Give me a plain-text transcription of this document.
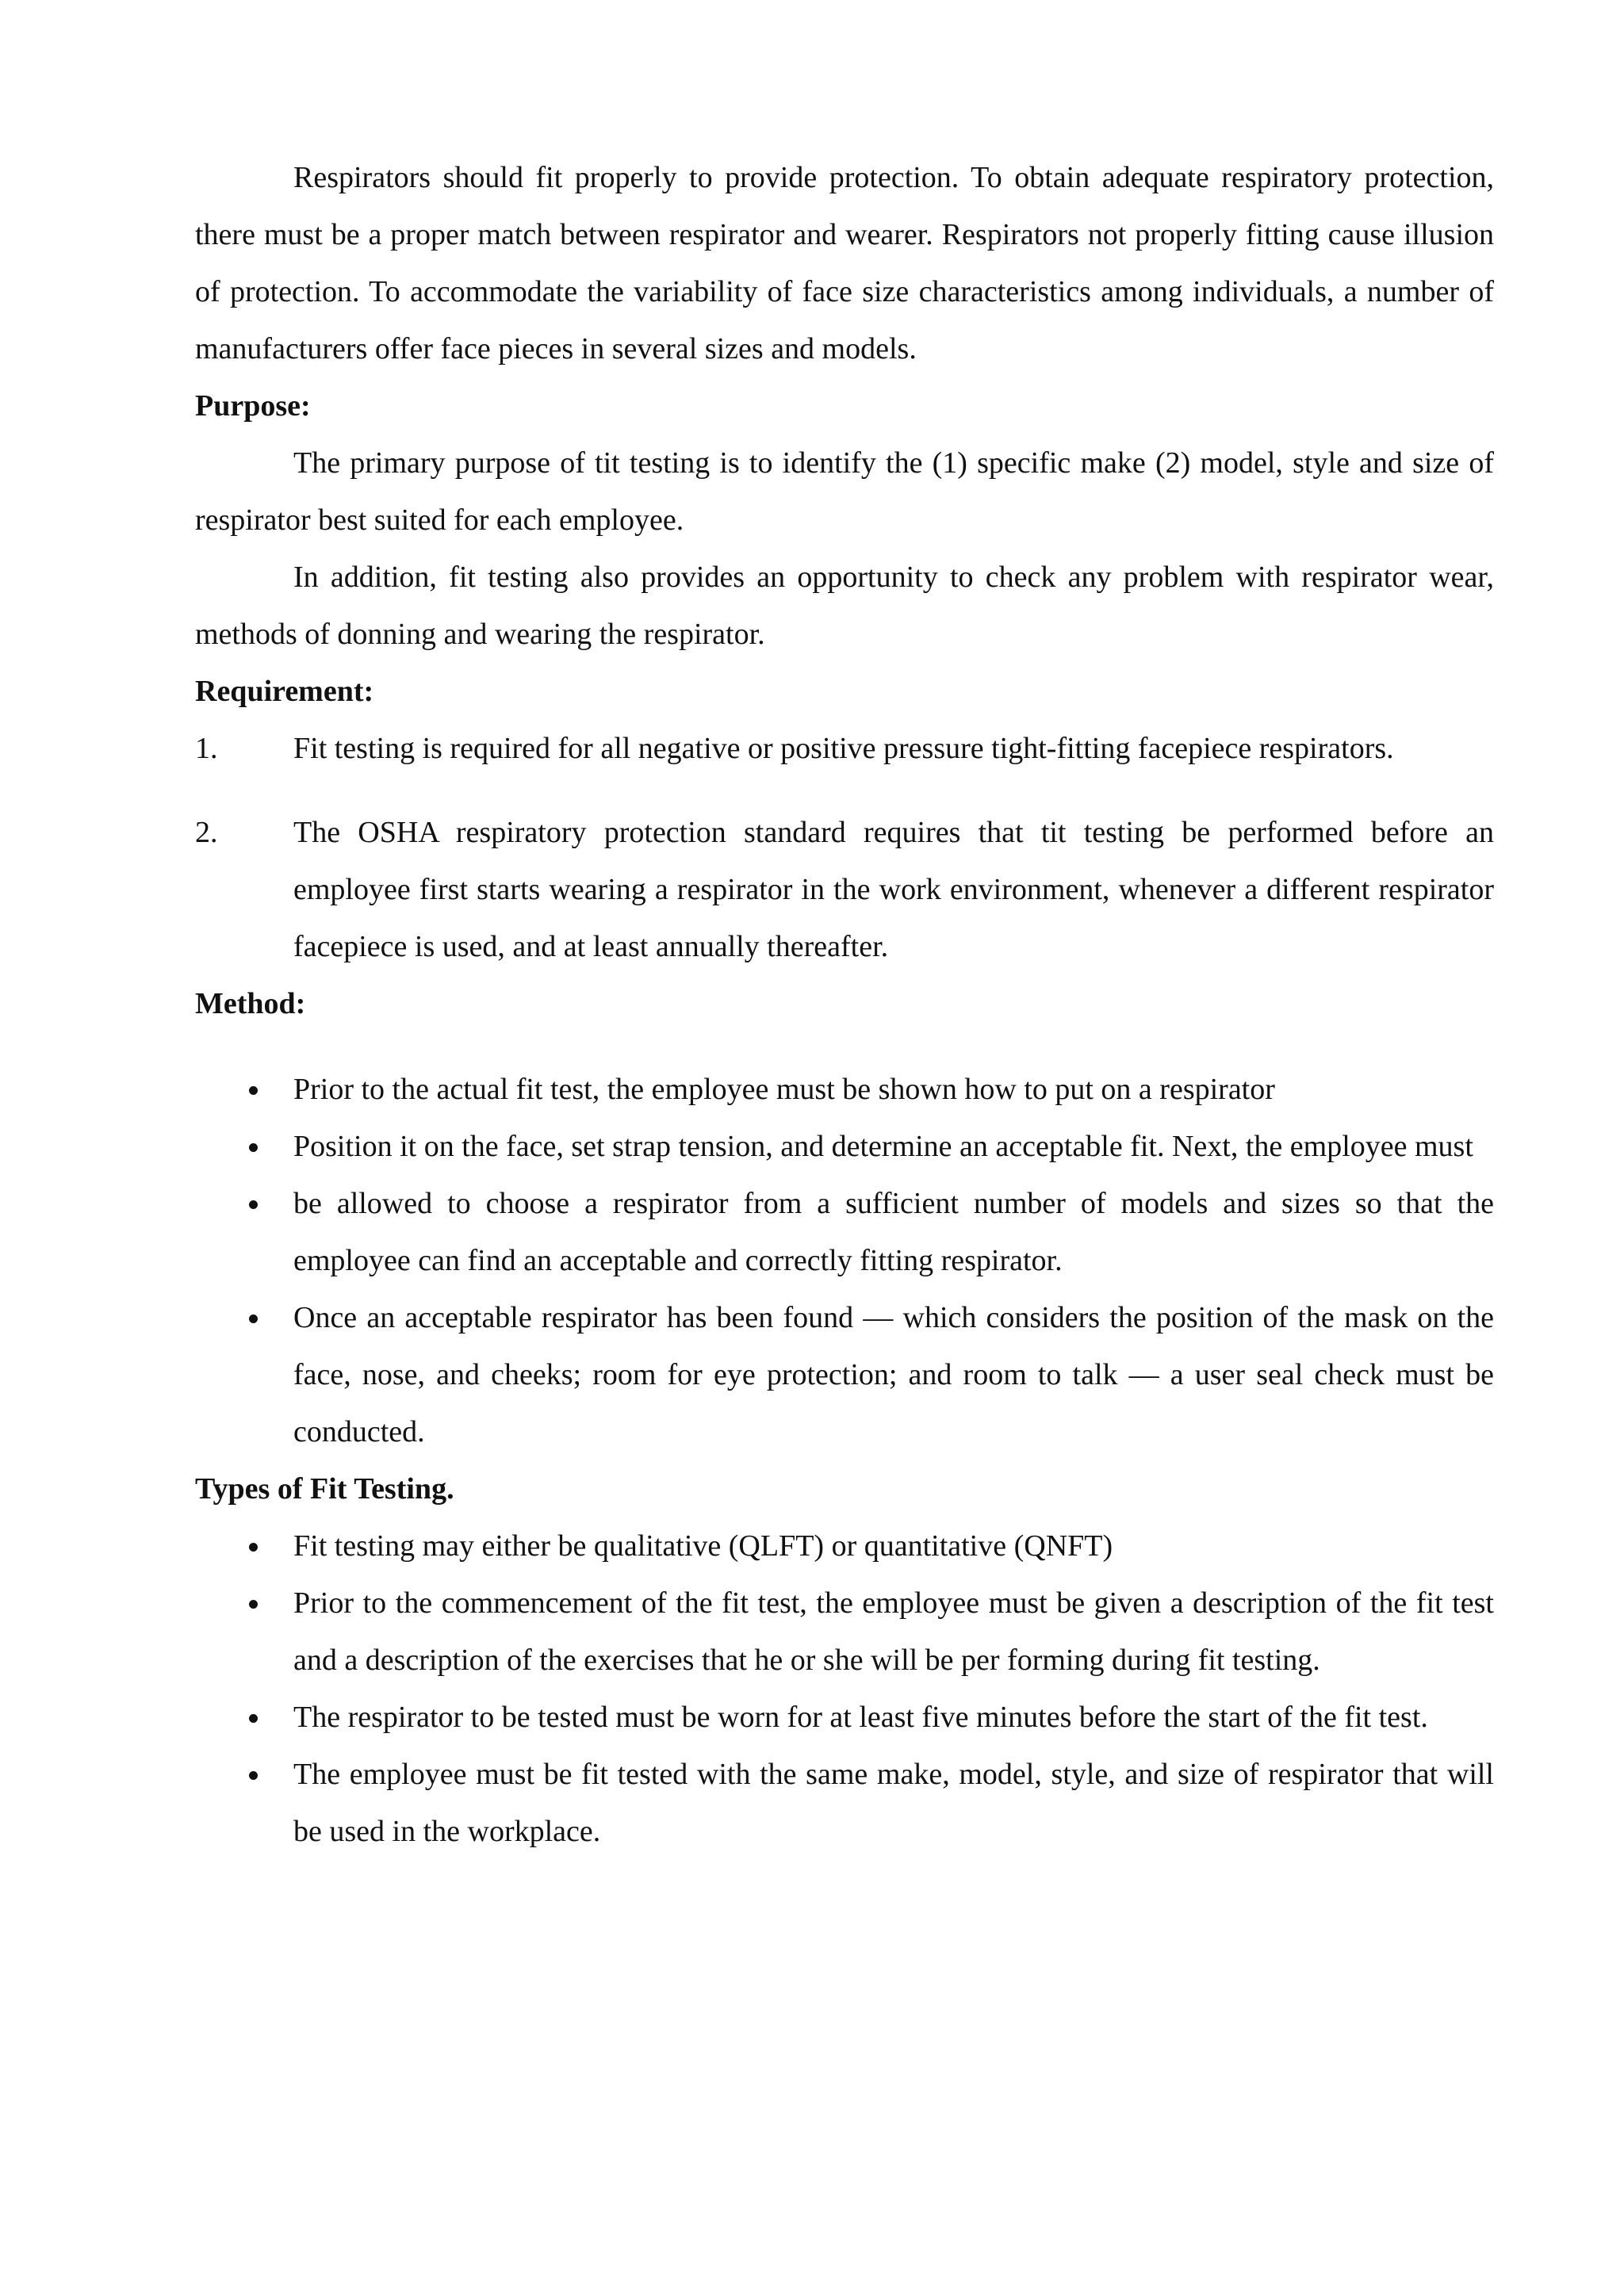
Respirators should fit properly to provide protection. To obtain adequate respiratory protection, there must be a proper match between respirator and wearer. Respirators not properly fitting cause illusion of protection. To accommodate the variability of face size characteristics among individuals, a number of manufacturers offer face pieces in several sizes and models.

Purpose:

The primary purpose of tit testing is to identify the (1) specific make (2) model, style and size of respirator best suited for each employee.

In addition, fit testing also provides an opportunity to check any problem with respirator wear, methods of donning and wearing the respirator.

Requirement:

1.	Fit testing is required for all negative or positive pressure tight-fitting facepiece respirators.
2.	The OSHA respiratory protection standard requires that tit testing be performed before an employee first starts wearing a respirator in the work environment, whenever a different respirator facepiece is used, and at least annually thereafter.

Method:

Prior to the actual fit test, the employee must be shown how to put on a respirator
Position it on the face, set strap tension, and determine an acceptable fit. Next, the employee must
be allowed to choose a respirator from a sufficient number of models and sizes so that the employee can find an acceptable and correctly fitting respirator.
Once an acceptable respirator has been found — which considers the position of the mask on the face, nose, and cheeks; room for eye protection; and room to talk — a user seal check must be conducted.

Types of Fit Testing.

Fit testing may either be qualitative (QLFT) or quantitative (QNFT)
Prior to the commencement of the fit test, the employee must be given a description of the fit test and a description of the exercises that he or she will be per forming during fit testing.
The respirator to be tested must be worn for at least five minutes before the start of the fit test.
The employee must be fit tested with the same make, model, style, and size of respirator that will be used in the workplace.
